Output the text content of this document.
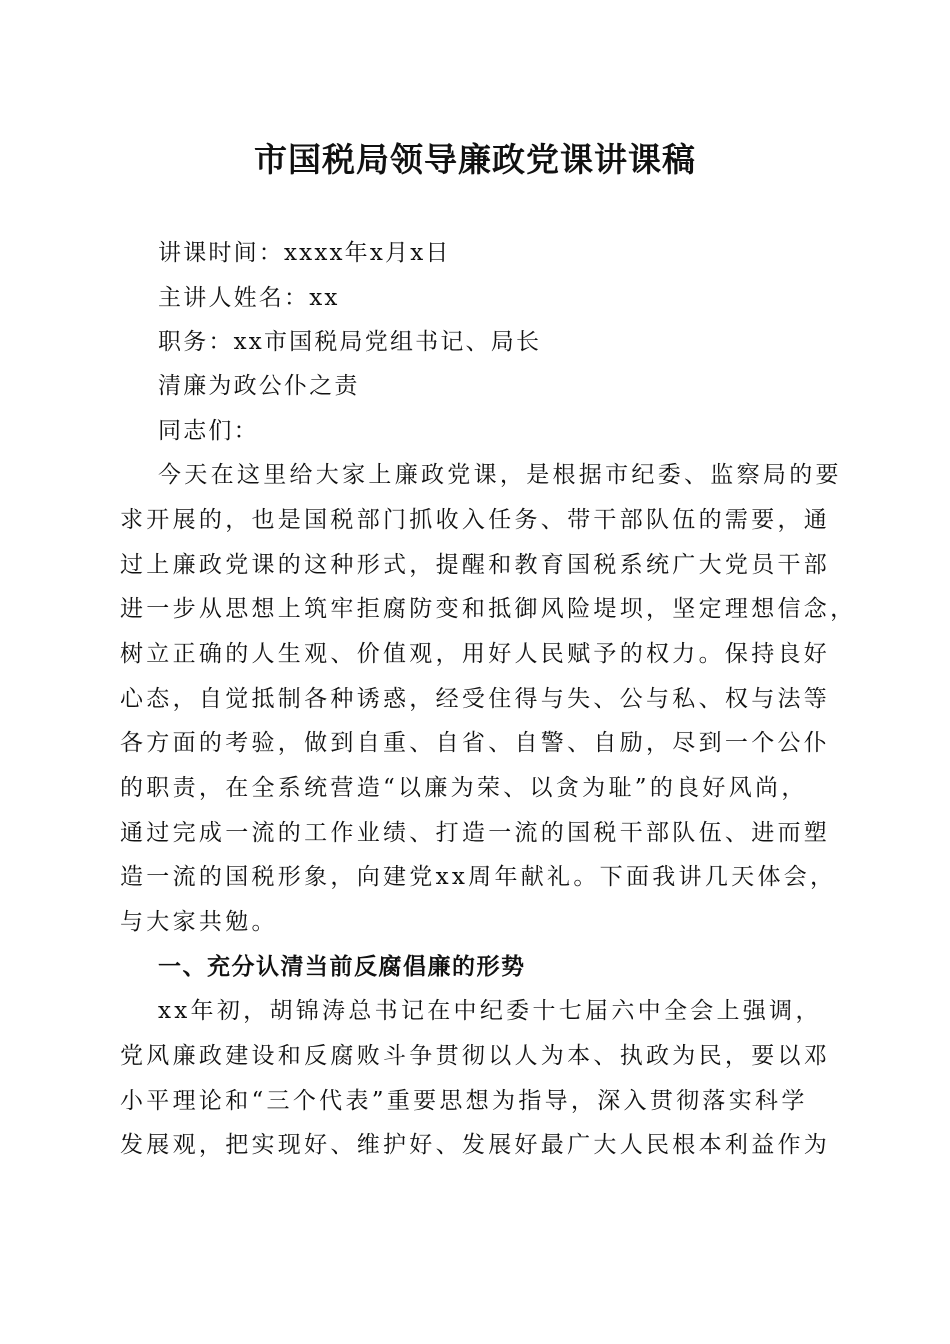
市国税局领导廉政党课讲课稿

讲课时间：xxxx年x月x日

主讲人姓名：xx

职务：xx市国税局党组书记、局长

清廉为政公仆之责

同志们：

今天在这里给大家上廉政党课，是根据市纪委、监察局的要

求开展的，也是国税部门抓收入任务、带干部队伍的需要，通

过上廉政党课的这种形式，提醒和教育国税系统广大党员干部

进一步从思想上筑牢拒腐防变和抵御风险堤坝，坚定理想信念，

树立正确的人生观、价值观，用好人民赋予的权力。保持良好

心态，自觉抵制各种诱惑，经受住得与失、公与私、权与法等

各方面的考验，做到自重、自省、自警、自励，尽到一个公仆

的职责，在全系统营造“以廉为荣、以贪为耻”的良好风尚，

通过完成一流的工作业绩、打造一流的国税干部队伍、进而塑

造一流的国税形象，向建党xx周年献礼。下面我讲几天体会，

与大家共勉。

一、充分认清当前反腐倡廉的形势

xx年初，胡锦涛总书记在中纪委十七届六中全会上强调，

党风廉政建设和反腐败斗争贯彻以人为本、执政为民，要以邓

小平理论和“三个代表”重要思想为指导，深入贯彻落实科学

发展观，把实现好、维护好、发展好最广大人民根本利益作为
